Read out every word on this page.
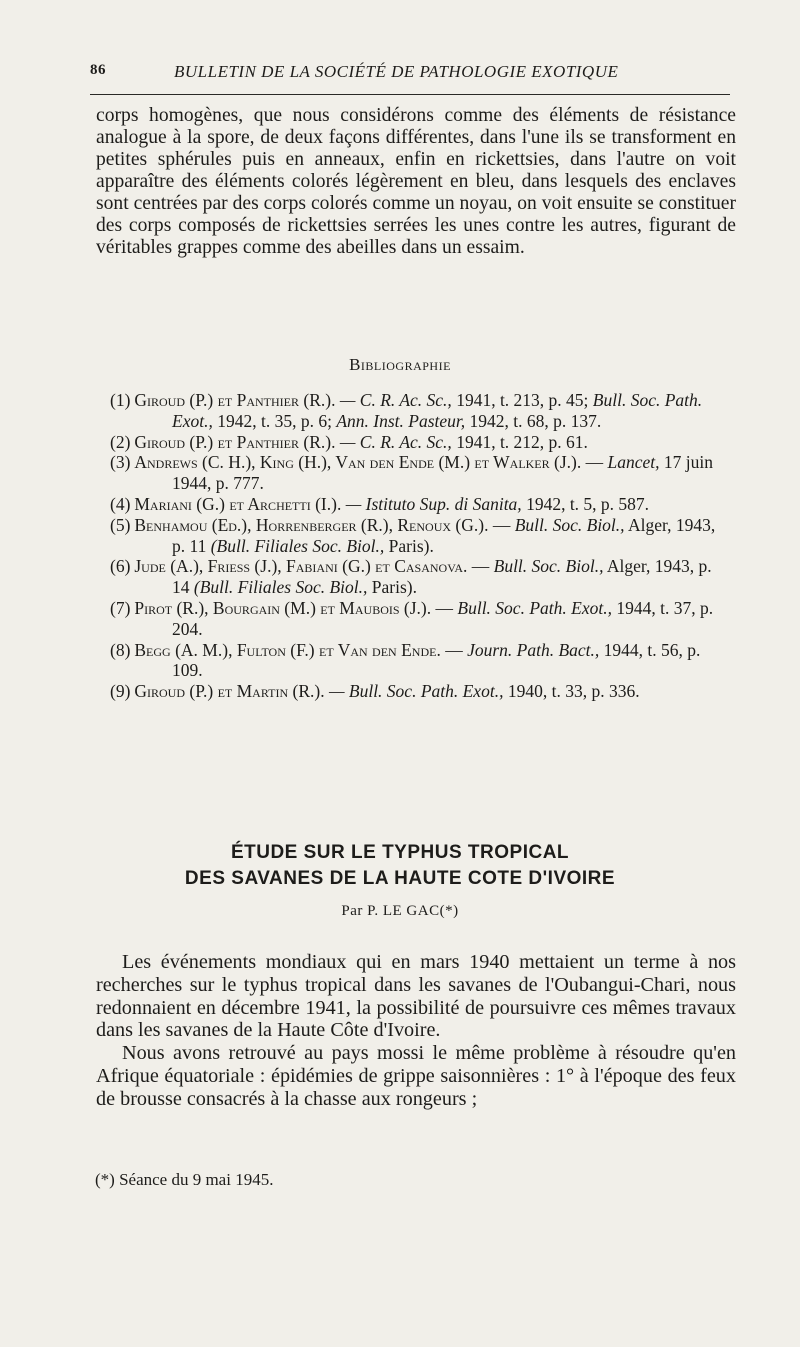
86	BULLETIN DE LA SOCIÉTÉ DE PATHOLOGIE EXOTIQUE

corps homogènes, que nous considérons comme des éléments de résistance analogue à la spore, de deux façons différentes, dans l'une ils se transforment en petites sphérules puis en anneaux, enfin en rickettsies, dans l'autre on voit apparaître des éléments colorés légèrement en bleu, dans lesquels des enclaves sont centrées par des corps colorés comme un noyau, on voit ensuite se constituer des corps composés de rickettsies serrées les unes contre les autres, figurant de véritables grappes comme des abeilles dans un essaim.

Bibliographie

(1) Giroud (P.) et Panthier (R.). — C. R. Ac. Sc., 1941, t. 213, p. 45; Bull. Soc. Path. Exot., 1942, t. 35, p. 6; Ann. Inst. Pasteur, 1942, t. 68, p. 137.

(2) Giroud (P.) et Panthier (R.). — C. R. Ac. Sc., 1941, t. 212, p. 61.

(3) Andrews (C. H.), King (H.), Van den Ende (M.) et Walker (J.). — Lancet, 17 juin 1944, p. 777.

(4) Mariani (G.) et Archetti (I.). — Istituto Sup. di Sanita, 1942, t. 5, p. 587.

(5) Benhamou (Ed.), Horrenberger (R.), Renoux (G.). — Bull. Soc. Biol., Alger, 1943, p. 11 (Bull. Filiales Soc. Biol., Paris).

(6) Jude (A.), Friess (J.), Fabiani (G.) et Casanova. — Bull. Soc. Biol., Alger, 1943, p. 14 (Bull. Filiales Soc. Biol., Paris).

(7) Pirot (R.), Bourgain (M.) et Maubois (J.). — Bull. Soc. Path. Exot., 1944, t. 37, p. 204.

(8) Begg (A. M.), Fulton (F.) et Van den Ende. — Journ. Path. Bact., 1944, t. 56, p. 109.

(9) Giroud (P.) et Martin (R.). — Bull. Soc. Path. Exot., 1940, t. 33, p. 336.

ÉTUDE SUR LE TYPHUS TROPICAL
DES SAVANES DE LA HAUTE COTE D'IVOIRE
Par P. LE GAC(*)

Les événements mondiaux qui en mars 1940 mettaient un terme à nos recherches sur le typhus tropical dans les savanes de l'Oubangui-Chari, nous redonnaient en décembre 1941, la possibilité de poursuivre ces mêmes travaux dans les savanes de la Haute Côte d'Ivoire.

Nous avons retrouvé au pays mossi le même problème à résoudre qu'en Afrique équatoriale : épidémies de grippe saisonnières : 1° à l'époque des feux de brousse consacrés à la chasse aux rongeurs ;

(*) Séance du 9 mai 1945.
